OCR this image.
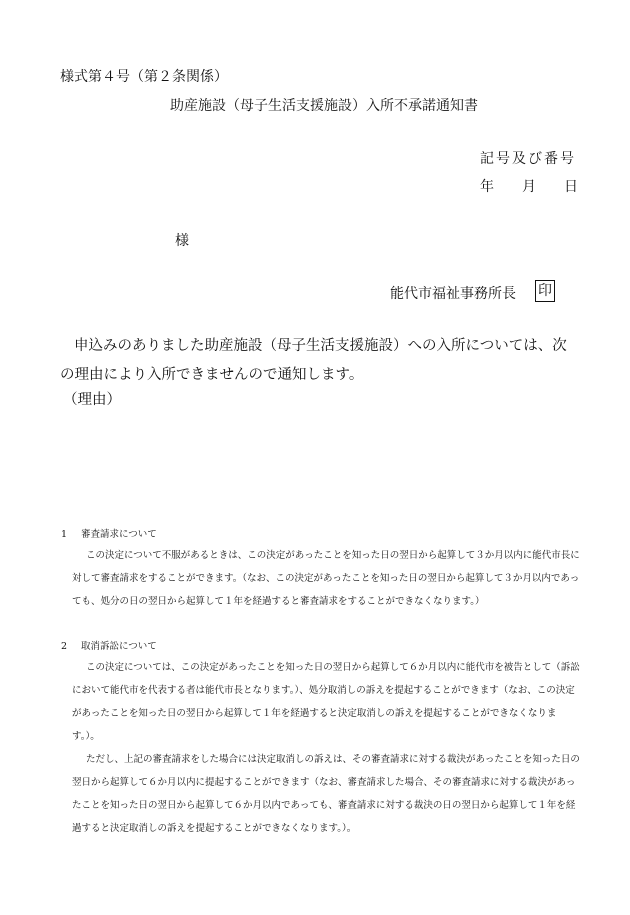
様式第４号（第２条関係）
助産施設（母子生活支援施設）入所不承諾通知書
記号及び番号
年 月 日
様
能代市福祉事務所長 印
申込みのありました助産施設（母子生活支援施設）への入所については、次の理由により入所できませんので通知します。
（理由）
1 審査請求について

この決定について不服があるときは、この決定があったことを知った日の翌日から起算して３か月以内に能代市長に対して審査請求をすることができます。（なお、この決定があったことを知った日の翌日から起算して３か月以内であっても、処分の日の翌日から起算して１年を経過すると審査請求をすることができなくなります。）

2 取消訴訟について

この決定については、この決定があったことを知った日の翌日から起算して６か月以内に能代市を被告として（訴訟において能代市を代表する者は能代市長となります。）、処分取消しの訴えを提起することができます（なお、この決定があったことを知った日の翌日から起算して１年を経過すると決定取消しの訴えを提起することができなくなります。）。

ただし、上記の審査請求をした場合には決定取消しの訴えは、その審査請求に対する裁決があったことを知った日の翌日から起算して６か月以内に提起することができます（なお、審査請求した場合、その審査請求に対する裁決があったことを知った日の翌日から起算して６か月以内であっても、審査請求に対する裁決の日の翌日から起算して１年を経過すると決定取消しの訴えを提起することができなくなります。）。
